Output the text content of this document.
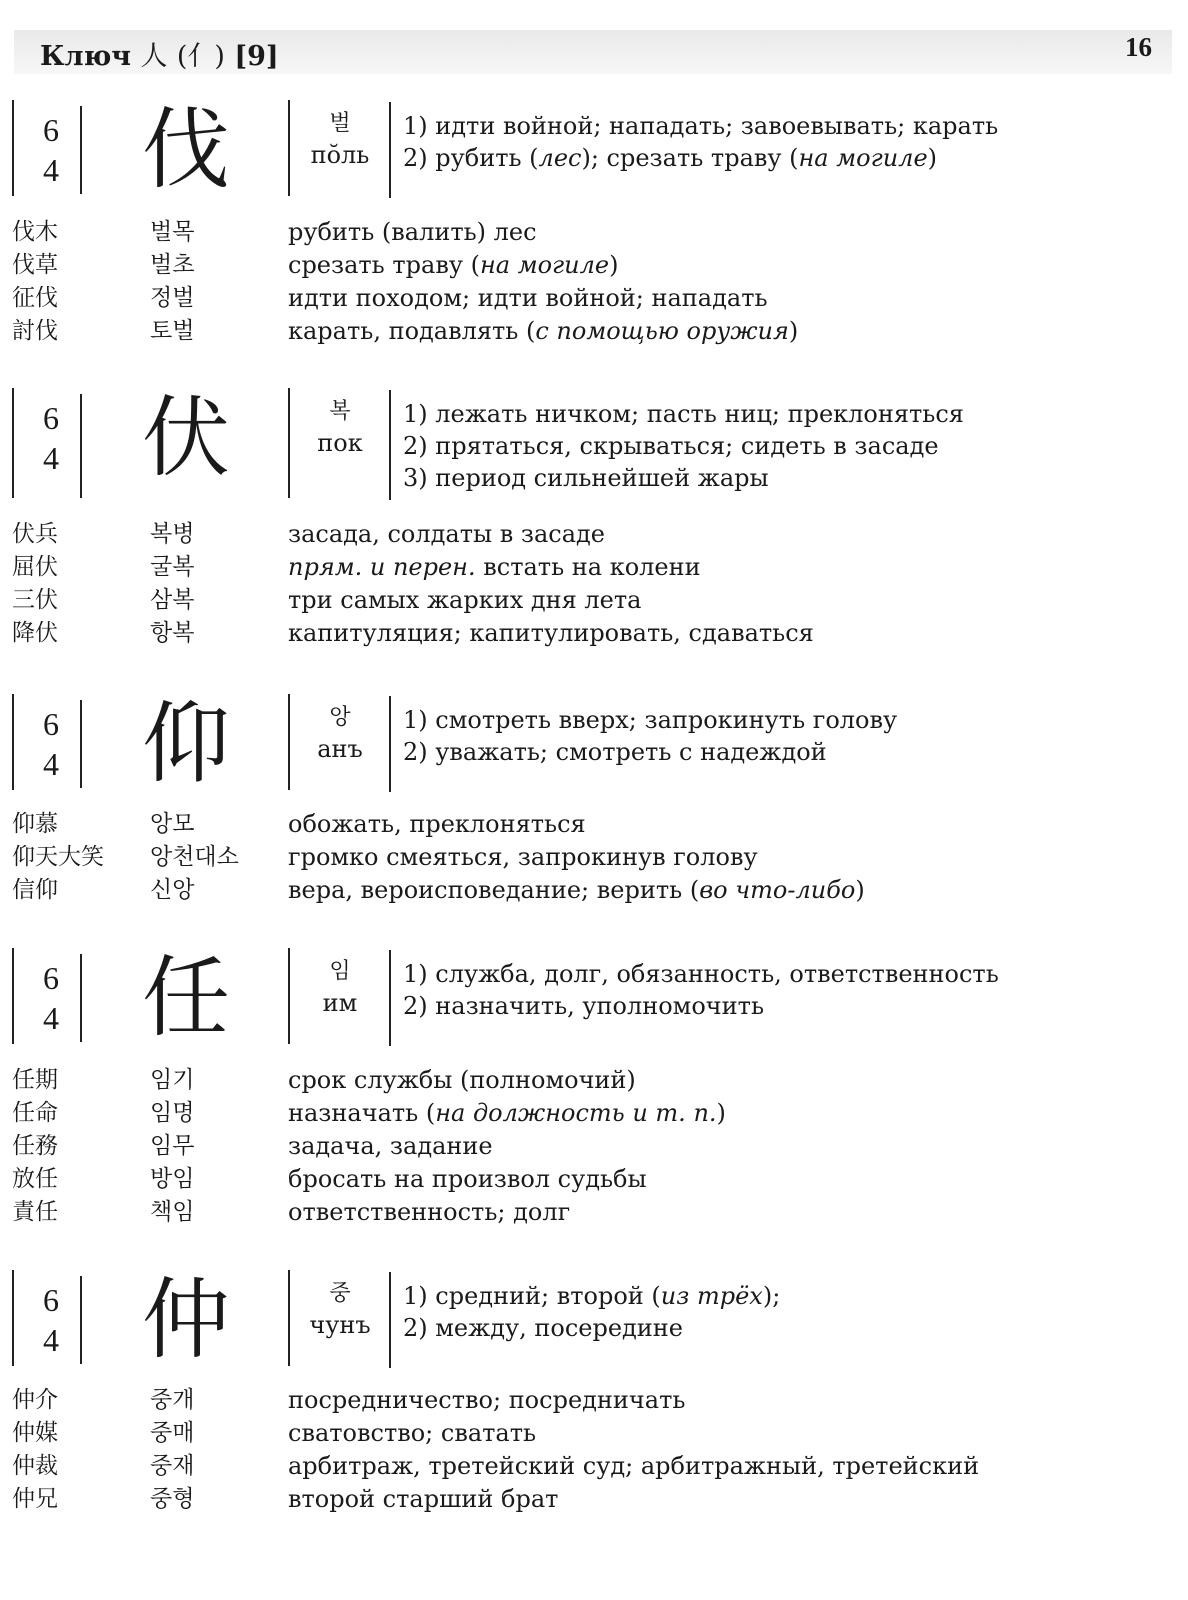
Ключ 人 (亻) [9]	16
6
4 伐	벌
пŏль
1) идти войной; нападать; завоевывать; карать
2) рубить (лес); срезать траву (на могиле)
伐木	벌목	рубить (валить) лес
伐草	벌초	срезать траву (на могиле)
征伐	정벌	идти походом; идти войной; нападать
討伐	토벌	карать, подавлять (с помощью оружия)
6
4 伏	복
пок
1) лежать ничком; пасть ниц; преклоняться
2) прятаться, скрываться; сидеть в засаде
3) период сильнейшей жары
伏兵	복병	засада, солдаты в засаде
屈伏	굴복	прям. и перен. встать на колени
三伏	삼복	три самых жарких дня лета
降伏	항복	капитуляция; капитулировать, сдаваться
6
4 仰	앙
анъ
1) смотреть вверх; запрокинуть голову
2) уважать; смотреть с надеждой
仰慕	앙모	обожать, преклоняться
仰天大笑 앙천대소 громко смеяться, запрокинув голову
信仰	신앙	вера, вероисповедание; верить (во что-либо)
6
4 任	임
им
1) служба, долг, обязанность, ответственность
2) назначить, уполномочить
任期	임기	срок службы (полномочий)
任命	임명	назначать (на должность и т. п.)
任務	임무	задача, задание
放任	방임	бросать на произвол судьбы
責任	책임	ответственность; долг
6
4 仲	중
чунъ
1) средний; второй (из трёх);
2) между, посередине
仲介	중개	посредничество; посредничать
仲媒	중매	сватовство; сватать
仲裁	중재	арбитраж, третейский суд; арбитражный, третейский
仲兄	중형	второй старший брат
